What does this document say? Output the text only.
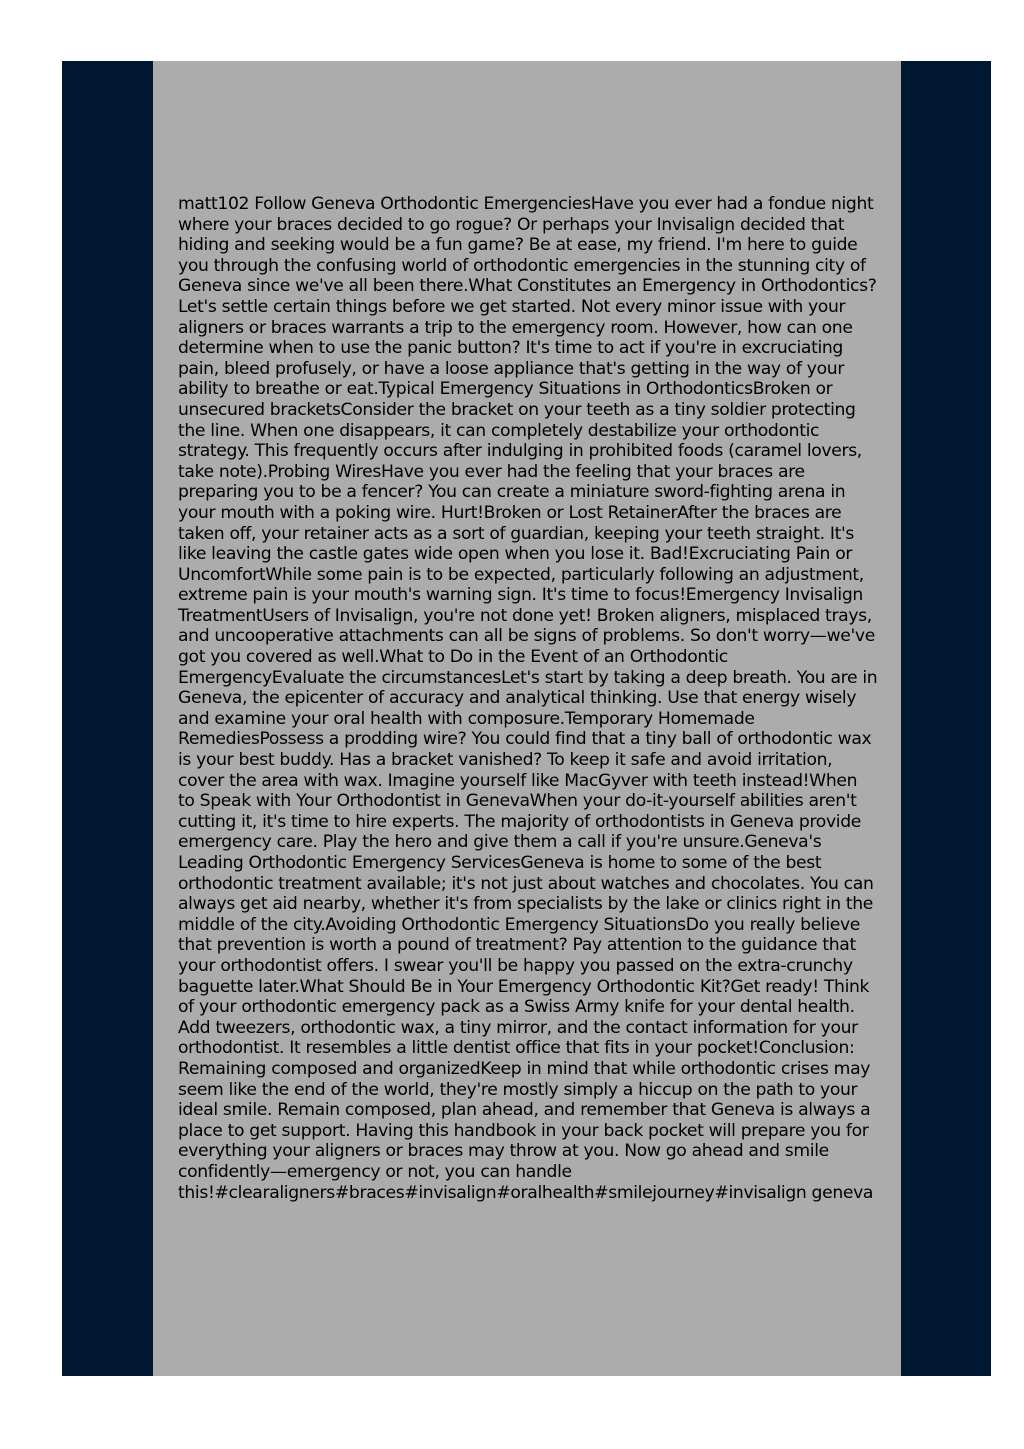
matt102 Follow Geneva Orthodontic EmergenciesHave you ever had a fondue night where your braces decided to go rogue? Or perhaps your Invisalign decided that hiding and seeking would be a fun game? Be at ease, my friend. I'm here to guide you through the confusing world of orthodontic emergencies in the stunning city of Geneva since we've all been there.What Constitutes an Emergency in Orthodontics?Let's settle certain things before we get started. Not every minor issue with your aligners or braces warrants a trip to the emergency room. However, how can one determine when to use the panic button? It's time to act if you're in excruciating pain, bleed profusely, or have a loose appliance that's getting in the way of your ability to breathe or eat.Typical Emergency Situations in OrthodonticsBroken or unsecured bracketsConsider the bracket on your teeth as a tiny soldier protecting the line. When one disappears, it can completely destabilize your orthodontic strategy. This frequently occurs after indulging in prohibited foods (caramel lovers, take note).Probing WiresHave you ever had the feeling that your braces are preparing you to be a fencer? You can create a miniature sword-fighting arena in your mouth with a poking wire. Hurt!Broken or Lost RetainerAfter the braces are taken off, your retainer acts as a sort of guardian, keeping your teeth straight. It's like leaving the castle gates wide open when you lose it. Bad!Excruciating Pain or UncomfortWhile some pain is to be expected, particularly following an adjustment, extreme pain is your mouth's warning sign. It's time to focus!Emergency Invisalign TreatmentUsers of Invisalign, you're not done yet! Broken aligners, misplaced trays, and uncooperative attachments can all be signs of problems. So don't worry—we've got you covered as well.What to Do in the Event of an Orthodontic EmergencyEvaluate the circumstancesLet's start by taking a deep breath. You are in Geneva, the epicenter of accuracy and analytical thinking. Use that energy wisely and examine your oral health with composure.Temporary Homemade RemediesPossess a prodding wire? You could find that a tiny ball of orthodontic wax is your best buddy. Has a bracket vanished? To keep it safe and avoid irritation, cover the area with wax. Imagine yourself like MacGyver with teeth instead!When to Speak with Your Orthodontist in GenevaWhen your do-it-yourself abilities aren't cutting it, it's time to hire experts. The majority of orthodontists in Geneva provide emergency care. Play the hero and give them a call if you're unsure.Geneva's Leading Orthodontic Emergency ServicesGeneva is home to some of the best orthodontic treatment available; it's not just about watches and chocolates. You can always get aid nearby, whether it's from specialists by the lake or clinics right in the middle of the city.Avoiding Orthodontic Emergency SituationsDo you really believe that prevention is worth a pound of treatment? Pay attention to the guidance that your orthodontist offers. I swear you'll be happy you passed on the extra-crunchy baguette later.What Should Be in Your Emergency Orthodontic Kit?Get ready! Think of your orthodontic emergency pack as a Swiss Army knife for your dental health. Add tweezers, orthodontic wax, a tiny mirror, and the contact information for your orthodontist. It resembles a little dentist office that fits in your pocket!Conclusion: Remaining composed and organizedKeep in mind that while orthodontic crises may seem like the end of the world, they're mostly simply a hiccup on the path to your ideal smile. Remain composed, plan ahead, and remember that Geneva is always a place to get support. Having this handbook in your back pocket will prepare you for everything your aligners or braces may throw at you. Now go ahead and smile confidently—emergency or not, you can handle this!#clearaligners#braces#invisalign#oralhealth#smilejourney#invisalign geneva
